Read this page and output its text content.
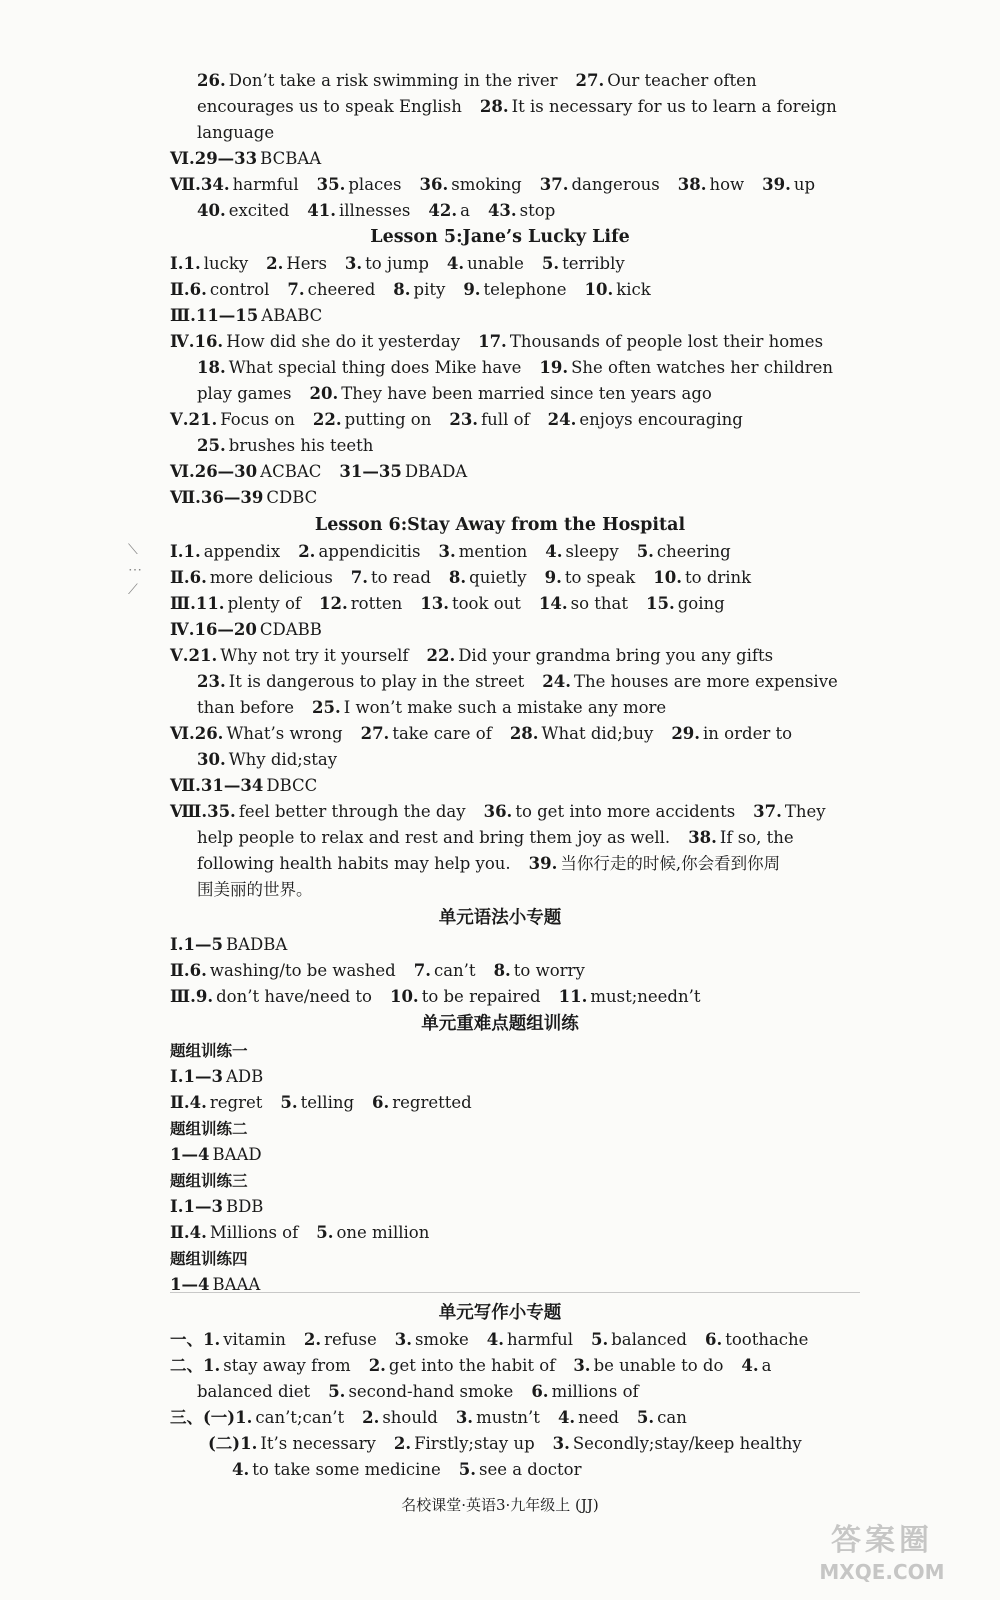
26. Don’t take a risk swimming in the river 27. Our teacher often
encourages us to speak English 28. It is necessary for us to learn a foreign
language
Ⅵ.29—33 BCBAA
Ⅶ.34. harmful 35. places 36. smoking 37. dangerous 38. how 39. up
40. excited 41. illnesses 42. a 43. stop
Lesson 5:Jane’s Lucky Life
Ⅰ.1. lucky 2. Hers 3. to jump 4. unable 5. terribly
Ⅱ.6. control 7. cheered 8. pity 9. telephone 10. kick
Ⅲ.11—15 ABABC
Ⅳ.16. How did she do it yesterday 17. Thousands of people lost their homes
18. What special thing does Mike have 19. She often watches her children
play games 20. They have been married since ten years ago
Ⅴ.21. Focus on 22. putting on 23. full of 24. enjoys encouraging
25. brushes his teeth
Ⅵ.26—30 ACBAC 31—35 DBADA
Ⅶ.36—39 CDBC
Lesson 6:Stay Away from the Hospital
Ⅰ.1. appendix 2. appendicitis 3. mention 4. sleepy 5. cheering
Ⅱ.6. more delicious 7. to read 8. quietly 9. to speak 10. to drink
Ⅲ.11. plenty of 12. rotten 13. took out 14. so that 15. going
Ⅳ.16—20 CDABB
Ⅴ.21. Why not try it yourself 22. Did your grandma bring you any gifts
23. It is dangerous to play in the street 24. The houses are more expensive
than before 25. I won’t make such a mistake any more
Ⅵ.26. What’s wrong 27. take care of 28. What did;buy 29. in order to
30. Why did;stay
Ⅶ.31—34 DBCC
Ⅷ.35. feel better through the day 36. to get into more accidents 37. They
help people to relax and rest and bring them joy as well. 38. If so, the
following health habits may help you. 39. 当你行走的时候,你会看到你周
围美丽的世界。
单元语法小专题
Ⅰ.1—5 BADBA
Ⅱ.6. washing/to be washed 7. can’t 8. to worry
Ⅲ.9. don’t have/need to 10. to be repaired 11. must;needn’t
单元重难点题组训练
题组训练一
Ⅰ.1—3 ADB
Ⅱ.4. regret 5. telling 6. regretted
题组训练二
1—4 BAAD
题组训练三
Ⅰ.1—3 BDB
Ⅱ.4. Millions of 5. one million
题组训练四
1—4 BAAA
单元写作小专题
一、1. vitamin 2. refuse 3. smoke 4. harmful 5. balanced 6. toothache
二、1. stay away from 2. get into the habit of 3. be unable to do 4. a
balanced diet 5. second-hand smoke 6. millions of
三、(一)1. can’t;can’t 2. should 3. mustn’t 4. need 5. can
(二)1. It’s necessary 2. Firstly;stay up 3. Secondly;stay/keep healthy
4. to take some medicine 5. see a doctor
⟍
⋯
⟋
名校课堂·英语3·九年级上 (JJ)
答案圈
MXQE.COM
